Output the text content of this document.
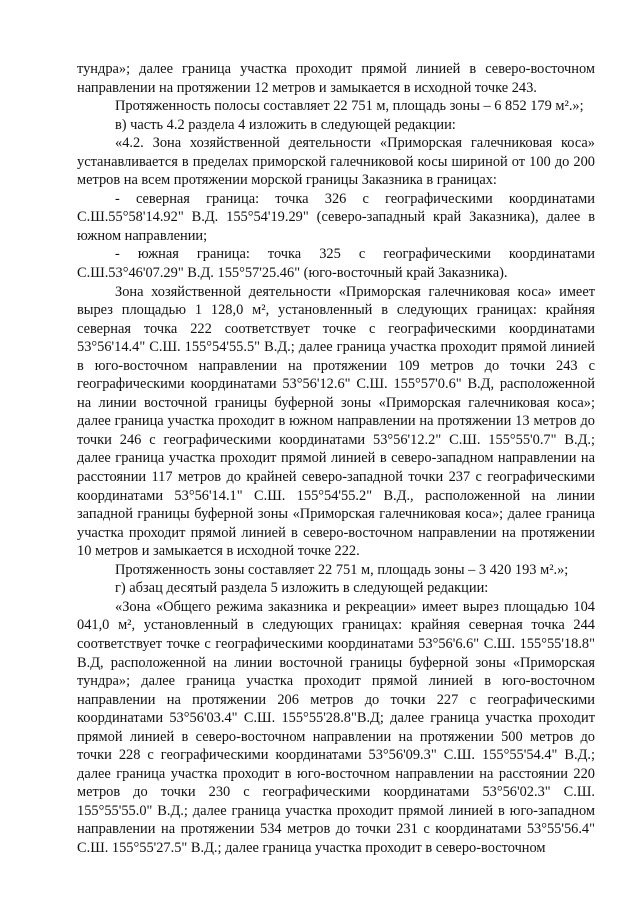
тундра»; далее граница участка проходит прямой линией в северо-восточном направлении на протяжении 12 метров и замыкается в исходной точке 243.

Протяженность полосы составляет 22 751 м, площадь зоны – 6 852 179 м².»;

в) часть 4.2 раздела 4 изложить в следующей редакции:

«4.2. Зона хозяйственной деятельности «Приморская галечниковая коса» устанавливается в пределах приморской галечниковой косы шириной от 100 до 200 метров на всем протяжении морской границы Заказника в границах:

- северная граница: точка 326 с географическими координатами С.Ш.55°58'14.92" В.Д. 155°54'19.29" (северо-западный край Заказника), далее в южном направлении;

- южная граница: точка 325 с географическими координатами С.Ш.53°46'07.29" В.Д. 155°57'25.46" (юго-восточный край Заказника).

Зона хозяйственной деятельности «Приморская галечниковая коса» имеет вырез площадью 1 128,0 м², установленный в следующих границах: крайняя северная точка 222 соответствует точке с географическими координатами 53°56'14.4" С.Ш. 155°54'55.5" В.Д.; далее граница участка проходит прямой линией в юго-восточном направлении на протяжении 109 метров до точки 243 с географическими координатами 53°56'12.6" С.Ш. 155°57'0.6" В.Д, расположенной на линии восточной границы буферной зоны «Приморская галечниковая коса»; далее граница участка проходит в южном направлении на протяжении 13 метров до точки 246 с географическими координатами 53°56'12.2" С.Ш. 155°55'0.7" В.Д.; далее граница участка проходит прямой линией в северо-западном направлении на расстоянии 117 метров до крайней северо-западной точки 237 с географическими координатами 53°56'14.1" С.Ш. 155°54'55.2" В.Д., расположенной на линии западной границы буферной зоны «Приморская галечниковая коса»; далее граница участка проходит прямой линией в северо-восточном направлении на протяжении 10 метров и замыкается в исходной точке 222.

Протяженность зоны составляет 22 751 м, площадь зоны – 3 420 193 м².»;

г) абзац десятый раздела 5 изложить в следующей редакции:

«Зона «Общего режима заказника и рекреации» имеет вырез площадью 104 041,0 м², установленный в следующих границах: крайняя северная точка 244 соответствует точке с географическими координатами 53°56'6.6" С.Ш. 155°55'18.8" В.Д, расположенной на линии восточной границы буферной зоны «Приморская тундра»; далее граница участка проходит прямой линией в юго-восточном направлении на протяжении 206 метров до точки 227 с географическими координатами 53°56'03.4" С.Ш. 155°55'28.8"В.Д; далее граница участка проходит прямой линией в северо-восточном направлении на протяжении 500 метров до точки 228 с географическими координатами 53°56'09.3" С.Ш. 155°55'54.4" В.Д.; далее граница участка проходит в юго-восточном направлении на расстоянии 220 метров до точки 230 с географическими координатами 53°56'02.3" С.Ш. 155°55'55.0" В.Д.; далее граница участка проходит прямой линией в юго-западном направлении на протяжении 534 метров до точки 231 с координатами 53°55'56.4" С.Ш. 155°55'27.5" В.Д.; далее граница участка проходит в северо-восточном
